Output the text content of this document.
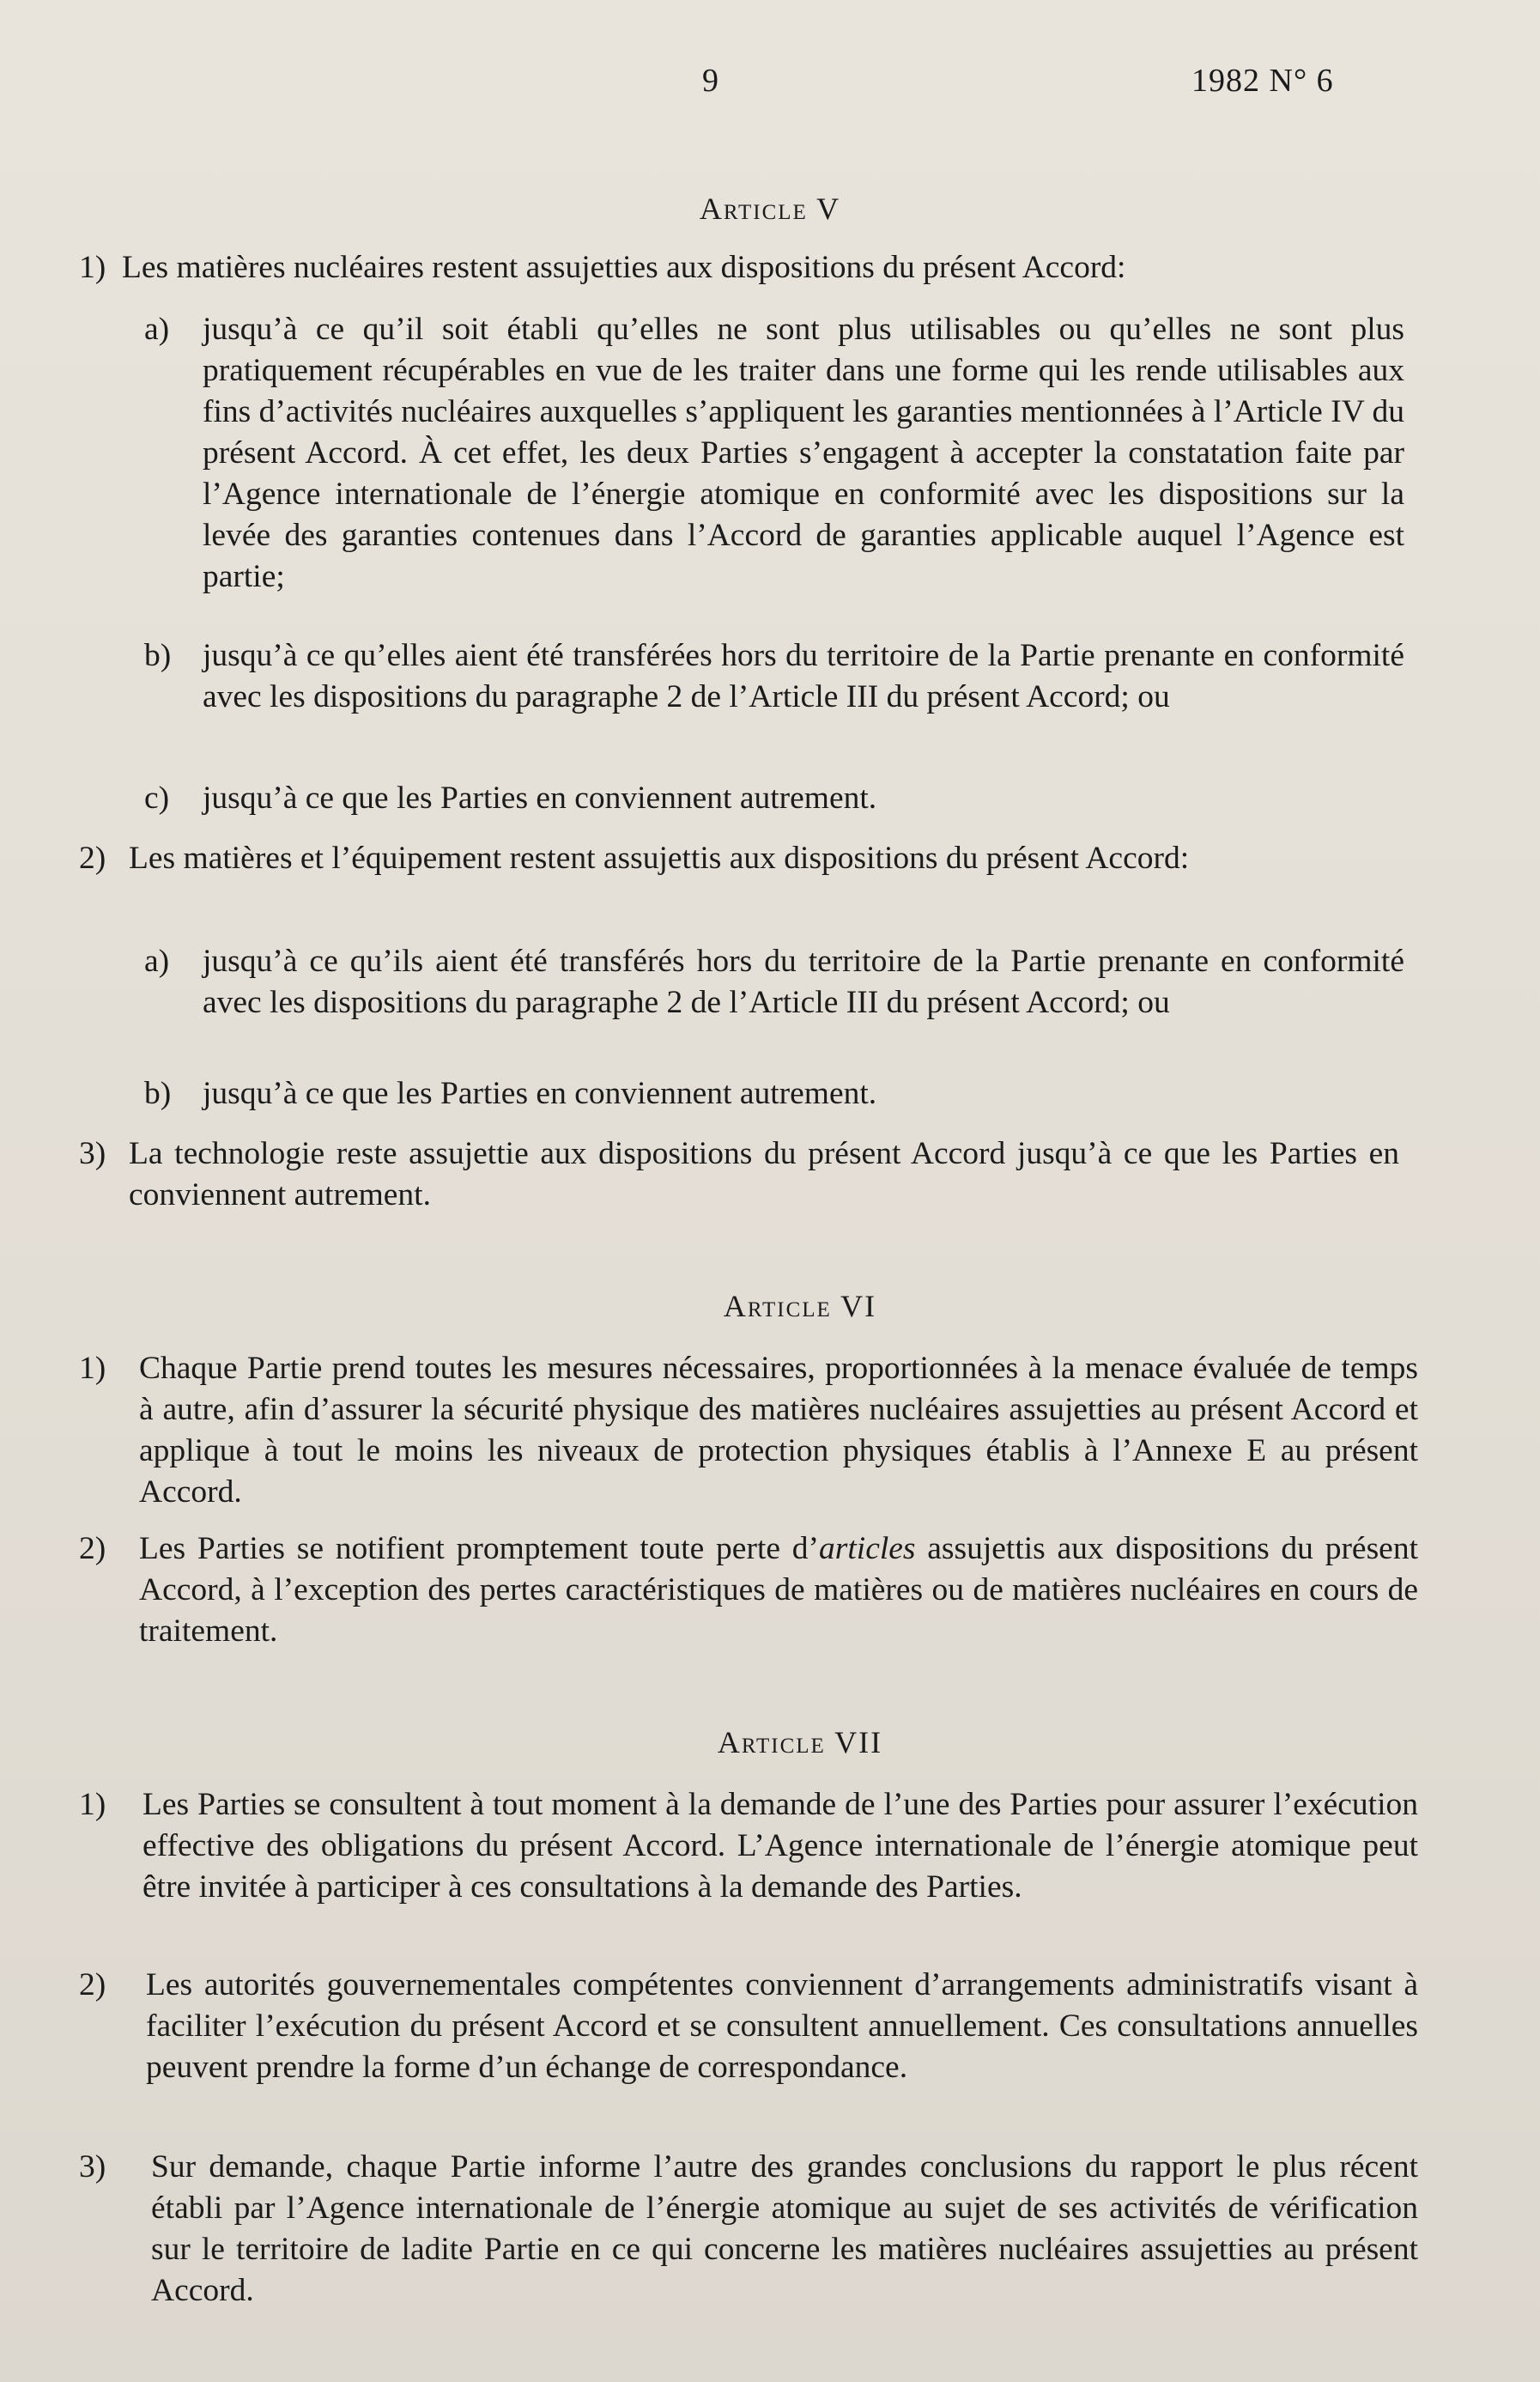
9	1982 N° 6
Article V
1) Les matières nucléaires restent assujetties aux dispositions du présent Accord:
a) jusqu’à ce qu’il soit établi qu’elles ne sont plus utilisables ou qu’elles ne sont plus pratiquement récupérables en vue de les traiter dans une forme qui les rende utilisables aux fins d’activités nucléaires auxquelles s’appliquent les garanties mentionnées à l’Article IV du présent Accord. À cet effet, les deux Parties s’engagent à accepter la constatation faite par l’Agence internationale de l’énergie atomique en conformité avec les dispositions sur la levée des garanties contenues dans l’Accord de garanties applicable auquel l’Agence est partie;
b) jusqu’à ce qu’elles aient été transférées hors du territoire de la Partie prenante en conformité avec les dispositions du paragraphe 2 de l’Article III du présent Accord; ou
c) jusqu’à ce que les Parties en conviennent autrement.
2) Les matières et l’équipement restent assujettis aux dispositions du présent Accord:
a) jusqu’à ce qu’ils aient été transférés hors du territoire de la Partie prenante en conformité avec les dispositions du paragraphe 2 de l’Article III du présent Accord; ou
b) jusqu’à ce que les Parties en conviennent autrement.
3) La technologie reste assujettie aux dispositions du présent Accord jusqu’à ce que les Parties en conviennent autrement.
Article VI
1) Chaque Partie prend toutes les mesures nécessaires, proportionnées à la menace évaluée de temps à autre, afin d’assurer la sécurité physique des matières nucléaires assujetties au présent Accord et applique à tout le moins les niveaux de protection physiques établis à l’Annexe E au présent Accord.
2) Les Parties se notifient promptement toute perte d’articles assujettis aux dispositions du présent Accord, à l’exception des pertes caractéristiques de matières ou de matières nucléaires en cours de traitement.
Article VII
1) Les Parties se consultent à tout moment à la demande de l’une des Parties pour assurer l’exécution effective des obligations du présent Accord. L’Agence internationale de l’énergie atomique peut être invitée à participer à ces consultations à la demande des Parties.
2) Les autorités gouvernementales compétentes conviennent d’arrangements administratifs visant à faciliter l’exécution du présent Accord et se consultent annuellement. Ces consultations annuelles peuvent prendre la forme d’un échange de correspondance.
3) Sur demande, chaque Partie informe l’autre des grandes conclusions du rapport le plus récent établi par l’Agence internationale de l’énergie atomique au sujet de ses activités de vérification sur le territoire de ladite Partie en ce qui concerne les matières nucléaires assujetties au présent Accord.
